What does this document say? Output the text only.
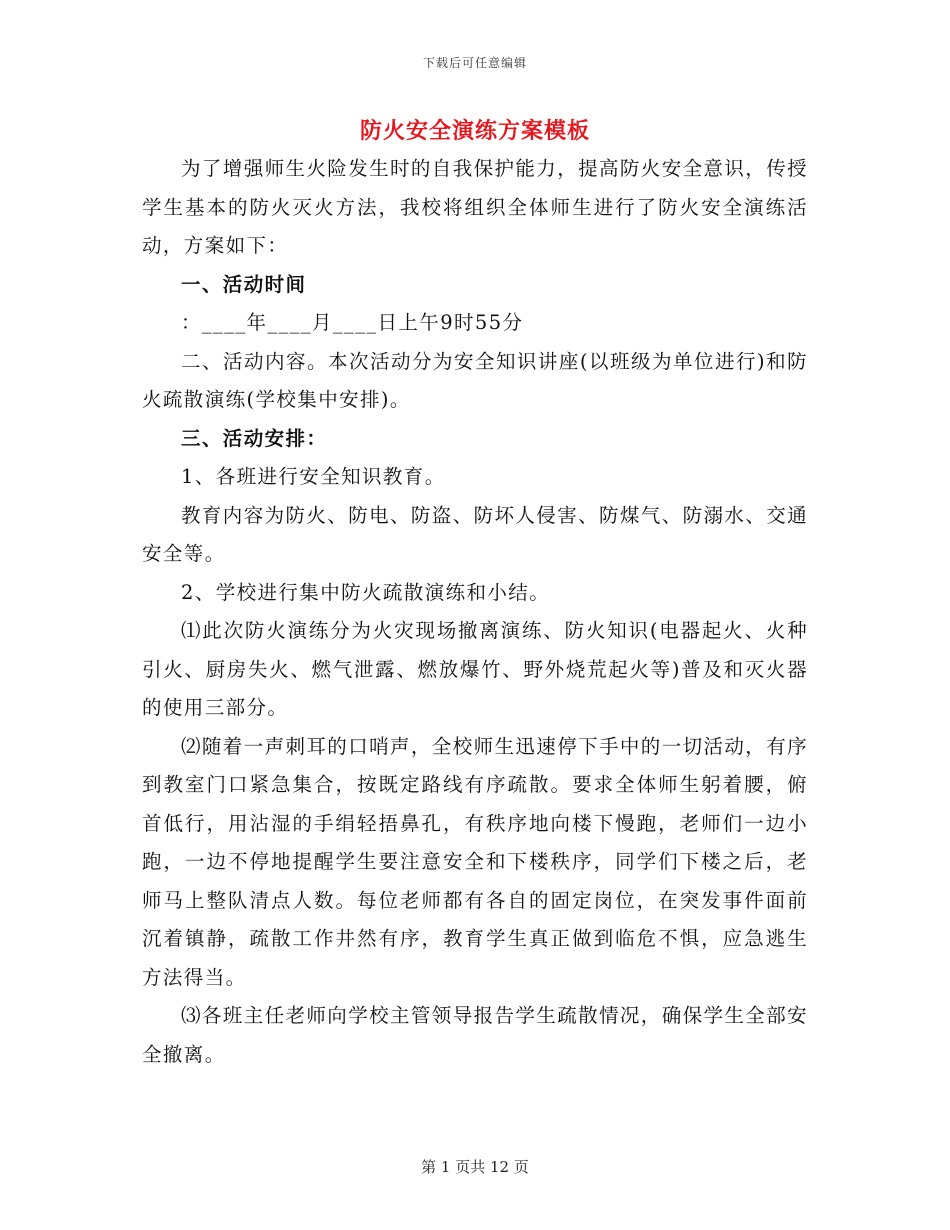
下载后可任意编辑
防火安全演练方案模板

为了增强师生火险发生时的自我保护能力，提高防火安全意识，传授学生基本的防火灭火方法，我校将组织全体师生进行了防火安全演练活动，方案如下：

一、活动时间

：____年____月____日上午9时55分

二、活动内容。本次活动分为安全知识讲座(以班级为单位进行)和防火疏散演练(学校集中安排)。

三、活动安排：

1、各班进行安全知识教育。

教育内容为防火、防电、防盗、防坏人侵害、防煤气、防溺水、交通安全等。

2、学校进行集中防火疏散演练和小结。

⑴此次防火演练分为火灾现场撤离演练、防火知识(电器起火、火种引火、厨房失火、燃气泄露、燃放爆竹、野外烧荒起火等)普及和灭火器的使用三部分。

⑵随着一声刺耳的口哨声，全校师生迅速停下手中的一切活动，有序到教室门口紧急集合，按既定路线有序疏散。要求全体师生躬着腰，俯首低行，用沾湿的手绢轻捂鼻孔，有秩序地向楼下慢跑，老师们一边小跑，一边不停地提醒学生要注意安全和下楼秩序，同学们下楼之后，老师马上整队清点人数。每位老师都有各自的固定岗位，在突发事件面前沉着镇静，疏散工作井然有序，教育学生真正做到临危不惧，应急逃生方法得当。

⑶各班主任老师向学校主管领导报告学生疏散情况，确保学生全部安全撤离。

第 1 页共 12 页
